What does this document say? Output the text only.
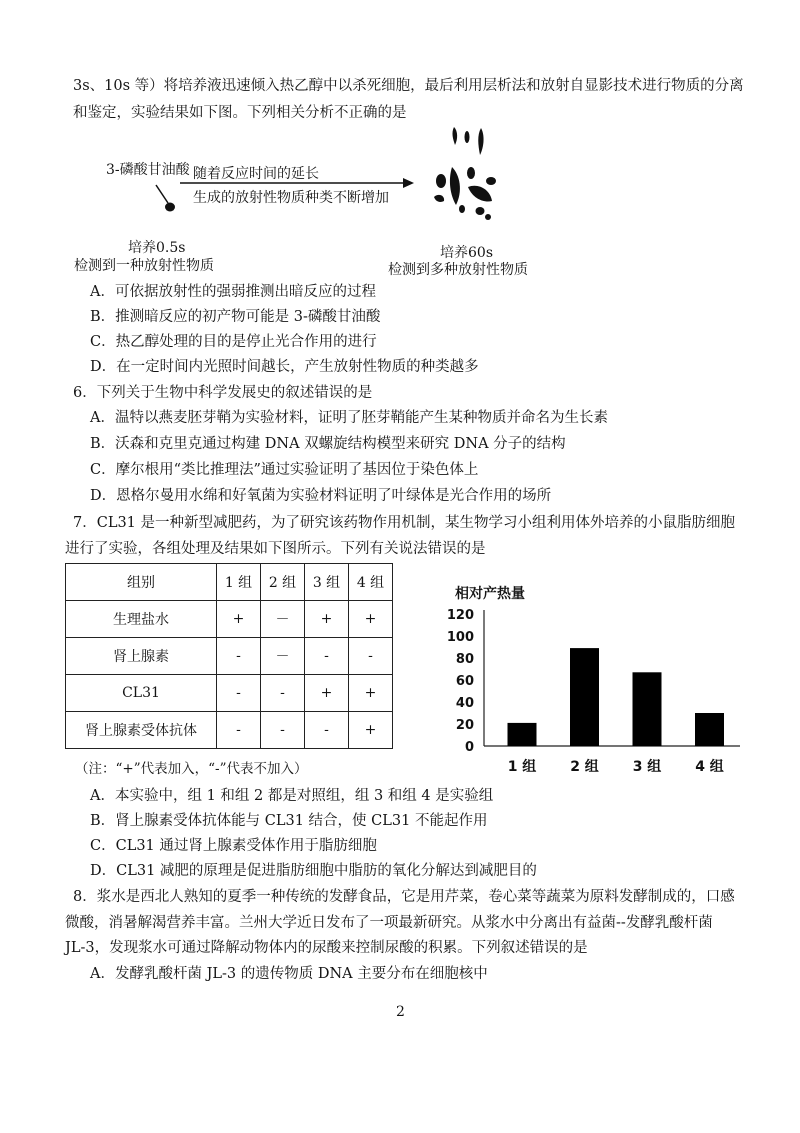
3s、10s 等）将培养液迅速倾入热乙醇中以杀死细胞，最后利用层析法和放射自显影技术进行物质的分离
和鉴定，实验结果如下图。下列相关分析不正确的是
3-磷酸甘油酸 随着反应时间的延长
生成的放射性物质种类不断增加
培养0.5s
检测到一种放射性物质
培养60s
检测到多种放射性物质
A．可依据放射性的强弱推测出暗反应的过程
B．推测暗反应的初产物可能是 3-磷酸甘油酸
C．热乙醇处理的目的是停止光合作用的进行
D．在一定时间内光照时间越长，产生放射性物质的种类越多
6．下列关于生物中科学发展史的叙述错误的是
A．温特以燕麦胚芽鞘为实验材料，证明了胚芽鞘能产生某种物质并命名为生长素
B．沃森和克里克通过构建 DNA 双螺旋结构模型来研究 DNA 分子的结构
C．摩尔根用“类比推理法”通过实验证明了基因位于染色体上
D．恩格尔曼用水绵和好氧菌为实验材料证明了叶绿体是光合作用的场所
7．CL31 是一种新型减肥药，为了研究该药物作用机制，某生物学习小组利用体外培养的小鼠脂肪细胞
进行了实验，各组处理及结果如下图所示。下列有关说法错误的是
组别	1 组	2 组	3 组	4 组
生理盐水	+	－	+	+
肾上腺素	-	－	-	-
CL31	-	-	+	+
肾上腺素受体抗体	-	-	-	+
相对产热量
0
20
40
60
80
100
120
1 组 2 组 3 组 4 组
（注：“+”代表加入，“-”代表不加入）
A．本实验中，组 1 和组 2 都是对照组，组 3 和组 4 是实验组
B．肾上腺素受体抗体能与 CL31 结合，使 CL31 不能起作用
C．CL31 通过肾上腺素受体作用于脂肪细胞
D．CL31 减肥的原理是促进脂肪细胞中脂肪的氧化分解达到减肥目的
8．浆水是西北人熟知的夏季一种传统的发酵食品，它是用芹菜，卷心菜等蔬菜为原料发酵制成的，口感
微酸，消暑解渴营养丰富。兰州大学近日发布了一项最新研究。从浆水中分离出有益菌--发酵乳酸杆菌
JL-3，发现浆水可通过降解动物体内的尿酸来控制尿酸的积累。下列叙述错误的是
A．发酵乳酸杆菌 JL-3 的遗传物质 DNA 主要分布在细胞核中
2
